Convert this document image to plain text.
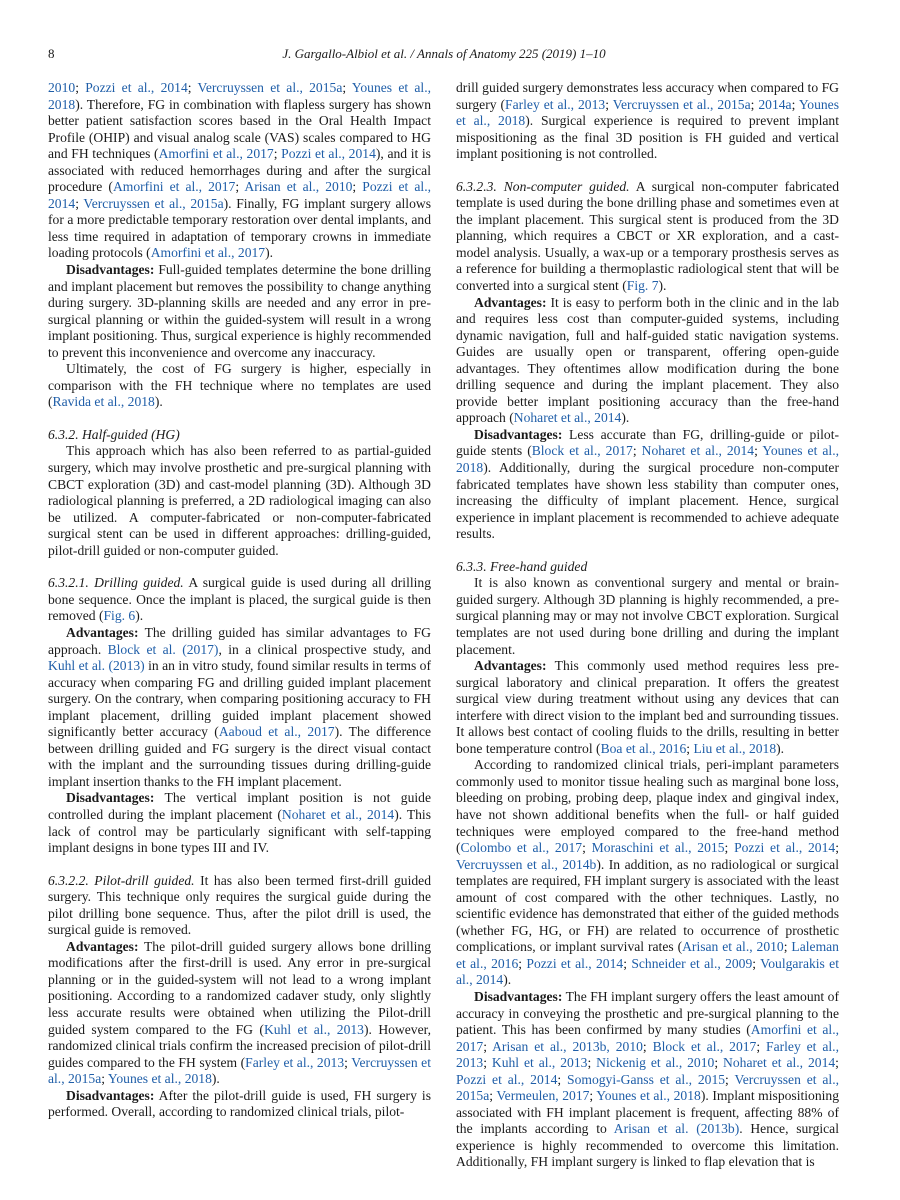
8	J. Gargallo-Albiol et al. / Annals of Anatomy 225 (2019) 1–10

2010; Pozzi et al., 2014; Vercruyssen et al., 2015a; Younes et al., 2018). Therefore, FG in combination with flapless surgery has shown better patient satisfaction scores based in the Oral Health Impact Profile (OHIP) and visual analog scale (VAS) scales compared to HG and FH techniques (Amorfini et al., 2017; Pozzi et al., 2014), and it is associated with reduced hemorrhages during and after the surgical procedure (Amorfini et al., 2017; Arisan et al., 2010; Pozzi et al., 2014; Vercruyssen et al., 2015a). Finally, FG implant surgery allows for a more predictable temporary restoration over dental implants, and less time required in adaptation of temporary crowns in immediate loading protocols (Amorfini et al., 2017).

Disadvantages: Full-guided templates determine the bone drilling and implant placement but removes the possibility to change anything during surgery. 3D-planning skills are needed and any error in pre-surgical planning or within the guided-system will result in a wrong implant positioning. Thus, surgical experience is highly recommended to prevent this inconvenience and overcome any inaccuracy.

Ultimately, the cost of FG surgery is higher, especially in comparison with the FH technique where no templates are used (Ravida et al., 2018).

6.3.2. Half-guided (HG)

This approach which has also been referred to as partial-guided surgery, which may involve prosthetic and pre-surgical planning with CBCT exploration (3D) and cast-model planning (3D). Although 3D radiological planning is preferred, a 2D radiological imaging can also be utilized. A computer-fabricated or non-computer-fabricated surgical stent can be used in different approaches: drilling-guided, pilot-drill guided or non-computer guided.

6.3.2.1. Drilling guided. A surgical guide is used during all drilling bone sequence. Once the implant is placed, the surgical guide is then removed (Fig. 6).

Advantages: The drilling guided has similar advantages to FG approach. Block et al. (2017), in a clinical prospective study, and Kuhl et al. (2013) in an in vitro study, found similar results in terms of accuracy when comparing FG and drilling guided implant placement surgery. On the contrary, when comparing positioning accuracy to FH implant placement, drilling guided implant placement showed significantly better accuracy (Aaboud et al., 2017). The difference between drilling guided and FG surgery is the direct visual contact with the implant and the surrounding tissues during drilling-guide implant insertion thanks to the FH implant placement.

Disadvantages: The vertical implant position is not guide controlled during the implant placement (Noharet et al., 2014). This lack of control may be particularly significant with self-tapping implant designs in bone types III and IV.

6.3.2.2. Pilot-drill guided. It has also been termed first-drill guided surgery. This technique only requires the surgical guide during the pilot drilling bone sequence. Thus, after the pilot drill is used, the surgical guide is removed.

Advantages: The pilot-drill guided surgery allows bone drilling modifications after the first-drill is used. Any error in pre-surgical planning or in the guided-system will not lead to a wrong implant positioning. According to a randomized cadaver study, only slightly less accurate results were obtained when utilizing the Pilot-drill guided system compared to the FG (Kuhl et al., 2013). However, randomized clinical trials confirm the increased precision of pilot-drill guides compared to the FH system (Farley et al., 2013; Vercruyssen et al., 2015a; Younes et al., 2018).

Disadvantages: After the pilot-drill guide is used, FH surgery is performed. Overall, according to randomized clinical trials, pilot-

drill guided surgery demonstrates less accuracy when compared to FG surgery (Farley et al., 2013; Vercruyssen et al., 2015a; 2014a; Younes et al., 2018). Surgical experience is required to prevent implant mispositioning as the final 3D position is FH guided and vertical implant positioning is not controlled.

6.3.2.3. Non-computer guided. A surgical non-computer fabricated template is used during the bone drilling phase and sometimes even at the implant placement. This surgical stent is produced from the 3D planning, which requires a CBCT or XR exploration, and a cast-model analysis. Usually, a wax-up or a temporary prosthesis serves as a reference for building a thermoplastic radiological stent that will be converted into a surgical stent (Fig. 7).

Advantages: It is easy to perform both in the clinic and in the lab and requires less cost than computer-guided systems, including dynamic navigation, full and half-guided static navigation systems. Guides are usually open or transparent, offering open-guide advantages. They oftentimes allow modification during the bone drilling sequence and during the implant placement. They also provide better implant positioning accuracy than the free-hand approach (Noharet et al., 2014).

Disadvantages: Less accurate than FG, drilling-guide or pilot-guide stents (Block et al., 2017; Noharet et al., 2014; Younes et al., 2018). Additionally, during the surgical procedure non-computer fabricated templates have shown less stability than computer ones, increasing the difficulty of implant placement. Hence, surgical experience in implant placement is recommended to achieve adequate results.

6.3.3. Free-hand guided

It is also known as conventional surgery and mental or brain-guided surgery. Although 3D planning is highly recommended, a pre-surgical planning may or may not involve CBCT exploration. Surgical templates are not used during bone drilling and during the implant placement.

Advantages: This commonly used method requires less pre-surgical laboratory and clinical preparation. It offers the greatest surgical view during treatment without using any devices that can interfere with direct vision to the implant bed and surrounding tissues. It allows best contact of cooling fluids to the drills, resulting in better bone temperature control (Boa et al., 2016; Liu et al., 2018).

According to randomized clinical trials, peri-implant parameters commonly used to monitor tissue healing such as marginal bone loss, bleeding on probing, probing deep, plaque index and gingival index, have not shown additional benefits when the full- or half guided techniques were employed compared to the free-hand method (Colombo et al., 2017; Moraschini et al., 2015; Pozzi et al., 2014; Vercruyssen et al., 2014b). In addition, as no radiological or surgical templates are required, FH implant surgery is associated with the least amount of cost compared with the other techniques. Lastly, no scientific evidence has demonstrated that either of the guided methods (whether FG, HG, or FH) are related to occurrence of prosthetic complications, or implant survival rates (Arisan et al., 2010; Laleman et al., 2016; Pozzi et al., 2014; Schneider et al., 2009; Voulgarakis et al., 2014).

Disadvantages: The FH implant surgery offers the least amount of accuracy in conveying the prosthetic and pre-surgical planning to the patient. This has been confirmed by many studies (Amorfini et al., 2017; Arisan et al., 2013b, 2010; Block et al., 2017; Farley et al., 2013; Kuhl et al., 2013; Nickenig et al., 2010; Noharet et al., 2014; Pozzi et al., 2014; Somogyi-Ganss et al., 2015; Vercruyssen et al., 2015a; Vermeulen, 2017; Younes et al., 2018). Implant mispositioning associated with FH implant placement is frequent, affecting 88% of the implants according to Arisan et al. (2013b). Hence, surgical experience is highly recommended to overcome this limitation. Additionally, FH implant surgery is linked to flap elevation that is
